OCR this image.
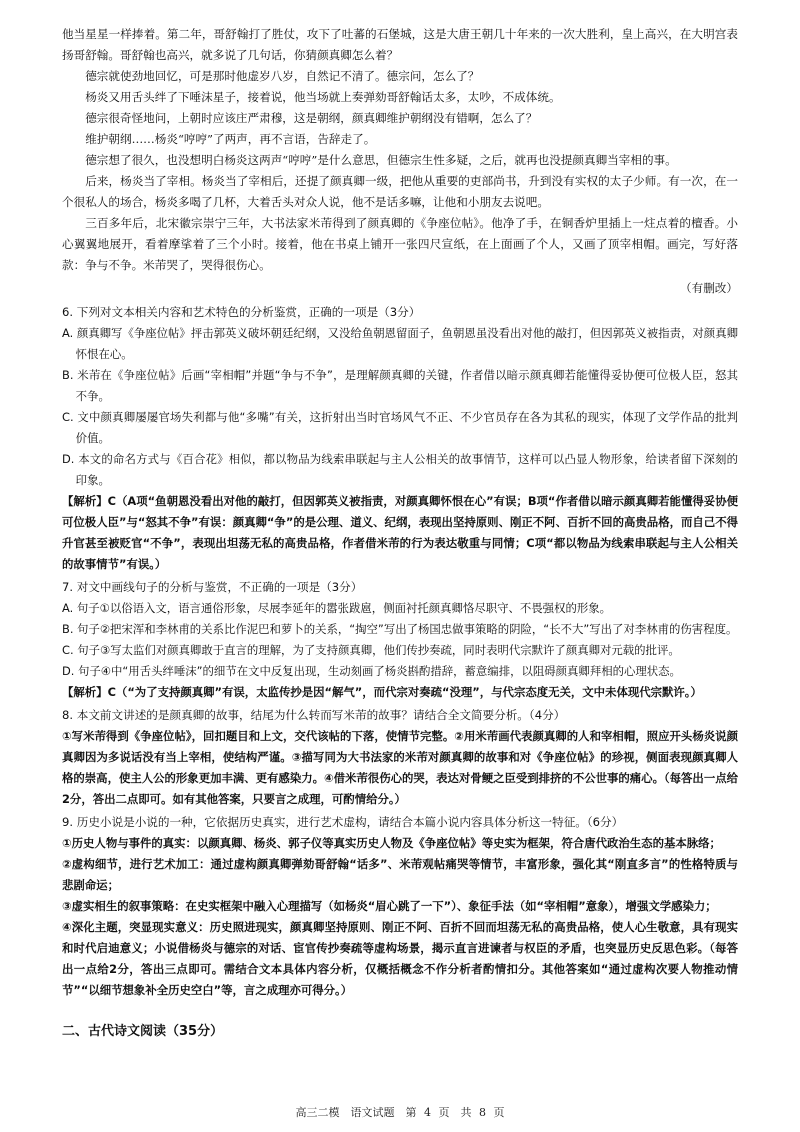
他当星星一样捧着。第二年，哥舒翰打了胜仗，攻下了吐蕃的石堡城，这是大唐王朝几十年来的一次大胜利，皇上高兴，在大明宫表扬哥舒翰。哥舒翰也高兴，就多说了几句话，你猜颜真卿怎么着？

德宗就使劲地回忆，可是那时他虚岁八岁，自然记不清了。德宗问，怎么了？

杨炎又用舌头绊了下唾沫星子，接着说，他当场就上奏弹劾哥舒翰话太多，太吵，不成体统。

德宗很奇怪地问，上朝时应该庄严肃穆，这是朝纲，颜真卿维护朝纲没有错啊，怎么了？

维护朝纲……杨炎“哼哼”了两声，再不言语，告辞走了。

德宗想了很久，也没想明白杨炎这两声“哼哼”是什么意思，但德宗生性多疑，之后，就再也没提颜真卿当宰相的事。

后来，杨炎当了宰相。杨炎当了宰相后，还提了颜真卿一级，把他从重要的吏部尚书，升到没有实权的太子少师。有一次，在一个很私人的场合，杨炎多喝了几杯，大着舌头对众人说，他不是话多嘛，让他和小朋友去说吧。

三百多年后，北宋徽宗崇宁三年，大书法家米芾得到了颜真卿的《争座位帖》。他净了手，在铜香炉里插上一炷点着的檀香。小心翼翼地展开，看着摩挲着了三个小时。接着，他在书桌上铺开一张四尺宣纸，在上面画了个人，又画了顶宰相帽。画完，写好落款：争与不争。米芾哭了，哭得很伤心。

（有删改）

6. 下列对文本相关内容和艺术特色的分析鉴赏，正确的一项是（3分）

A. 颜真卿写《争座位帖》抨击郭英义破坏朝廷纪纲，又没给鱼朝恩留面子，鱼朝恩虽没看出对他的敲打，但因郭英义被指责，对颜真卿怀恨在心。

B. 米芾在《争座位帖》后画“宰相帽”并题“争与不争”，是理解颜真卿的关键，作者借以暗示颜真卿若能懂得妥协便可位极人臣，怒其不争。

C. 文中颜真卿屡屡官场失利都与他“多嘴”有关，这折射出当时官场风气不正、不少官员存在各为其私的现实，体现了文学作品的批判价值。

D. 本文的命名方式与《百合花》相似，都以物品为线索串联起与主人公相关的故事情节，这样可以凸显人物形象，给读者留下深刻的印象。

【解析】C（A项“鱼朝恩没看出对他的敲打，但因郭英义被指责，对颜真卿怀恨在心”有误；B项“作者借以暗示颜真卿若能懂得妥协便可位极人臣”与“怒其不争”有误：颜真卿“争”的是公理、道义、纪纲，表现出坚持原则、刚正不阿、百折不回的高贵品格，而自己不得升官甚至被贬官“不争”，表现出坦荡无私的高贵品格，作者借米芾的行为表达敬重与同情；C项“都以物品为线索串联起与主人公相关的故事情节”有误。）

7. 对文中画线句子的分析与鉴赏，不正确的一项是（3分）

A. 句子①以俗语入文，语言通俗形象，尽展李延年的嚣张跋扈，侧面衬托颜真卿恪尽职守、不畏强权的形象。

B. 句子②把宋浑和李林甫的关系比作泥巴和萝卜的关系，“掏空”写出了杨国忠做事策略的阴险，“长不大”写出了对李林甫的伤害程度。

C. 句子③写太监们对颜真卿敢于直言的理解，为了支持颜真卿，他们传抄奏疏，同时表明代宗默许了颜真卿对元载的批评。

D. 句子④中“用舌头绊唾沫”的细节在文中反复出现，生动刻画了杨炎斟酌措辞，蓄意编排，以阻碍颜真卿拜相的心理状态。

【解析】C（“为了支持颜真卿”有误，太监传抄是因“解气”，而代宗对奏疏“没理”，与代宗态度无关，文中未体现代宗默许。）

8. 本文前文讲述的是颜真卿的故事，结尾为什么转而写米芾的故事？请结合全文简要分析。（4分）

①写米芾得到《争座位帖》，回扣题目和上文，交代该帖的下落，使情节完整。②用米芾画代表颜真卿的人和宰相帽，照应开头杨炎说颜真卿因为多说话没有当上宰相，使结构严谨。③描写同为大书法家的米芾对颜真卿的故事和对《争座位帖》的珍视，侧面表现颜真卿人格的崇高，使主人公的形象更加丰满、更有感染力。④借米芾很伤心的哭，表达对骨鲠之臣受到排挤的不公世事的痛心。（每答出一点给2分，答出二点即可。如有其他答案，只要言之成理，可酌情给分。）

9. 历史小说是小说的一种，它依据历史真实，进行艺术虚构，请结合本篇小说内容具体分析这一特征。（6分）

①历史人物与事件的真实：以颜真卿、杨炎、郭子仪等真实历史人物及《争座位帖》等史实为框架，符合唐代政治生态的基本脉络；

②虚构细节，进行艺术加工：通过虚构颜真卿弹劾哥舒翰“话多”、米芾观帖痛哭等情节，丰富形象，强化其“刚直多言”的性格特质与悲剧命运；

③虚实相生的叙事策略：在史实框架中融入心理描写（如杨炎“眉心跳了一下”）、象征手法（如“宰相帽”意象），增强文学感染力；

④深化主题，突显现实意义：历史照进现实，颜真卿坚持原则、刚正不阿、百折不回而坦荡无私的高贵品格，使人心生敬意，具有现实和时代启迪意义；小说借杨炎与德宗的对话、宦官传抄奏疏等虚构场景，揭示直言进谏者与权臣的矛盾，也突显历史反思色彩。（每答出一点给2分，答出三点即可。需结合文本具体内容分析，仅概括概念不作分析者酌情扣分。其他答案如“通过虚构次要人物推动情节”“以细节想象补全历史空白”等，言之成理亦可得分。）

二、古代诗文阅读（35分）
高三二模　语文试题　第 4 页　共 8 页
